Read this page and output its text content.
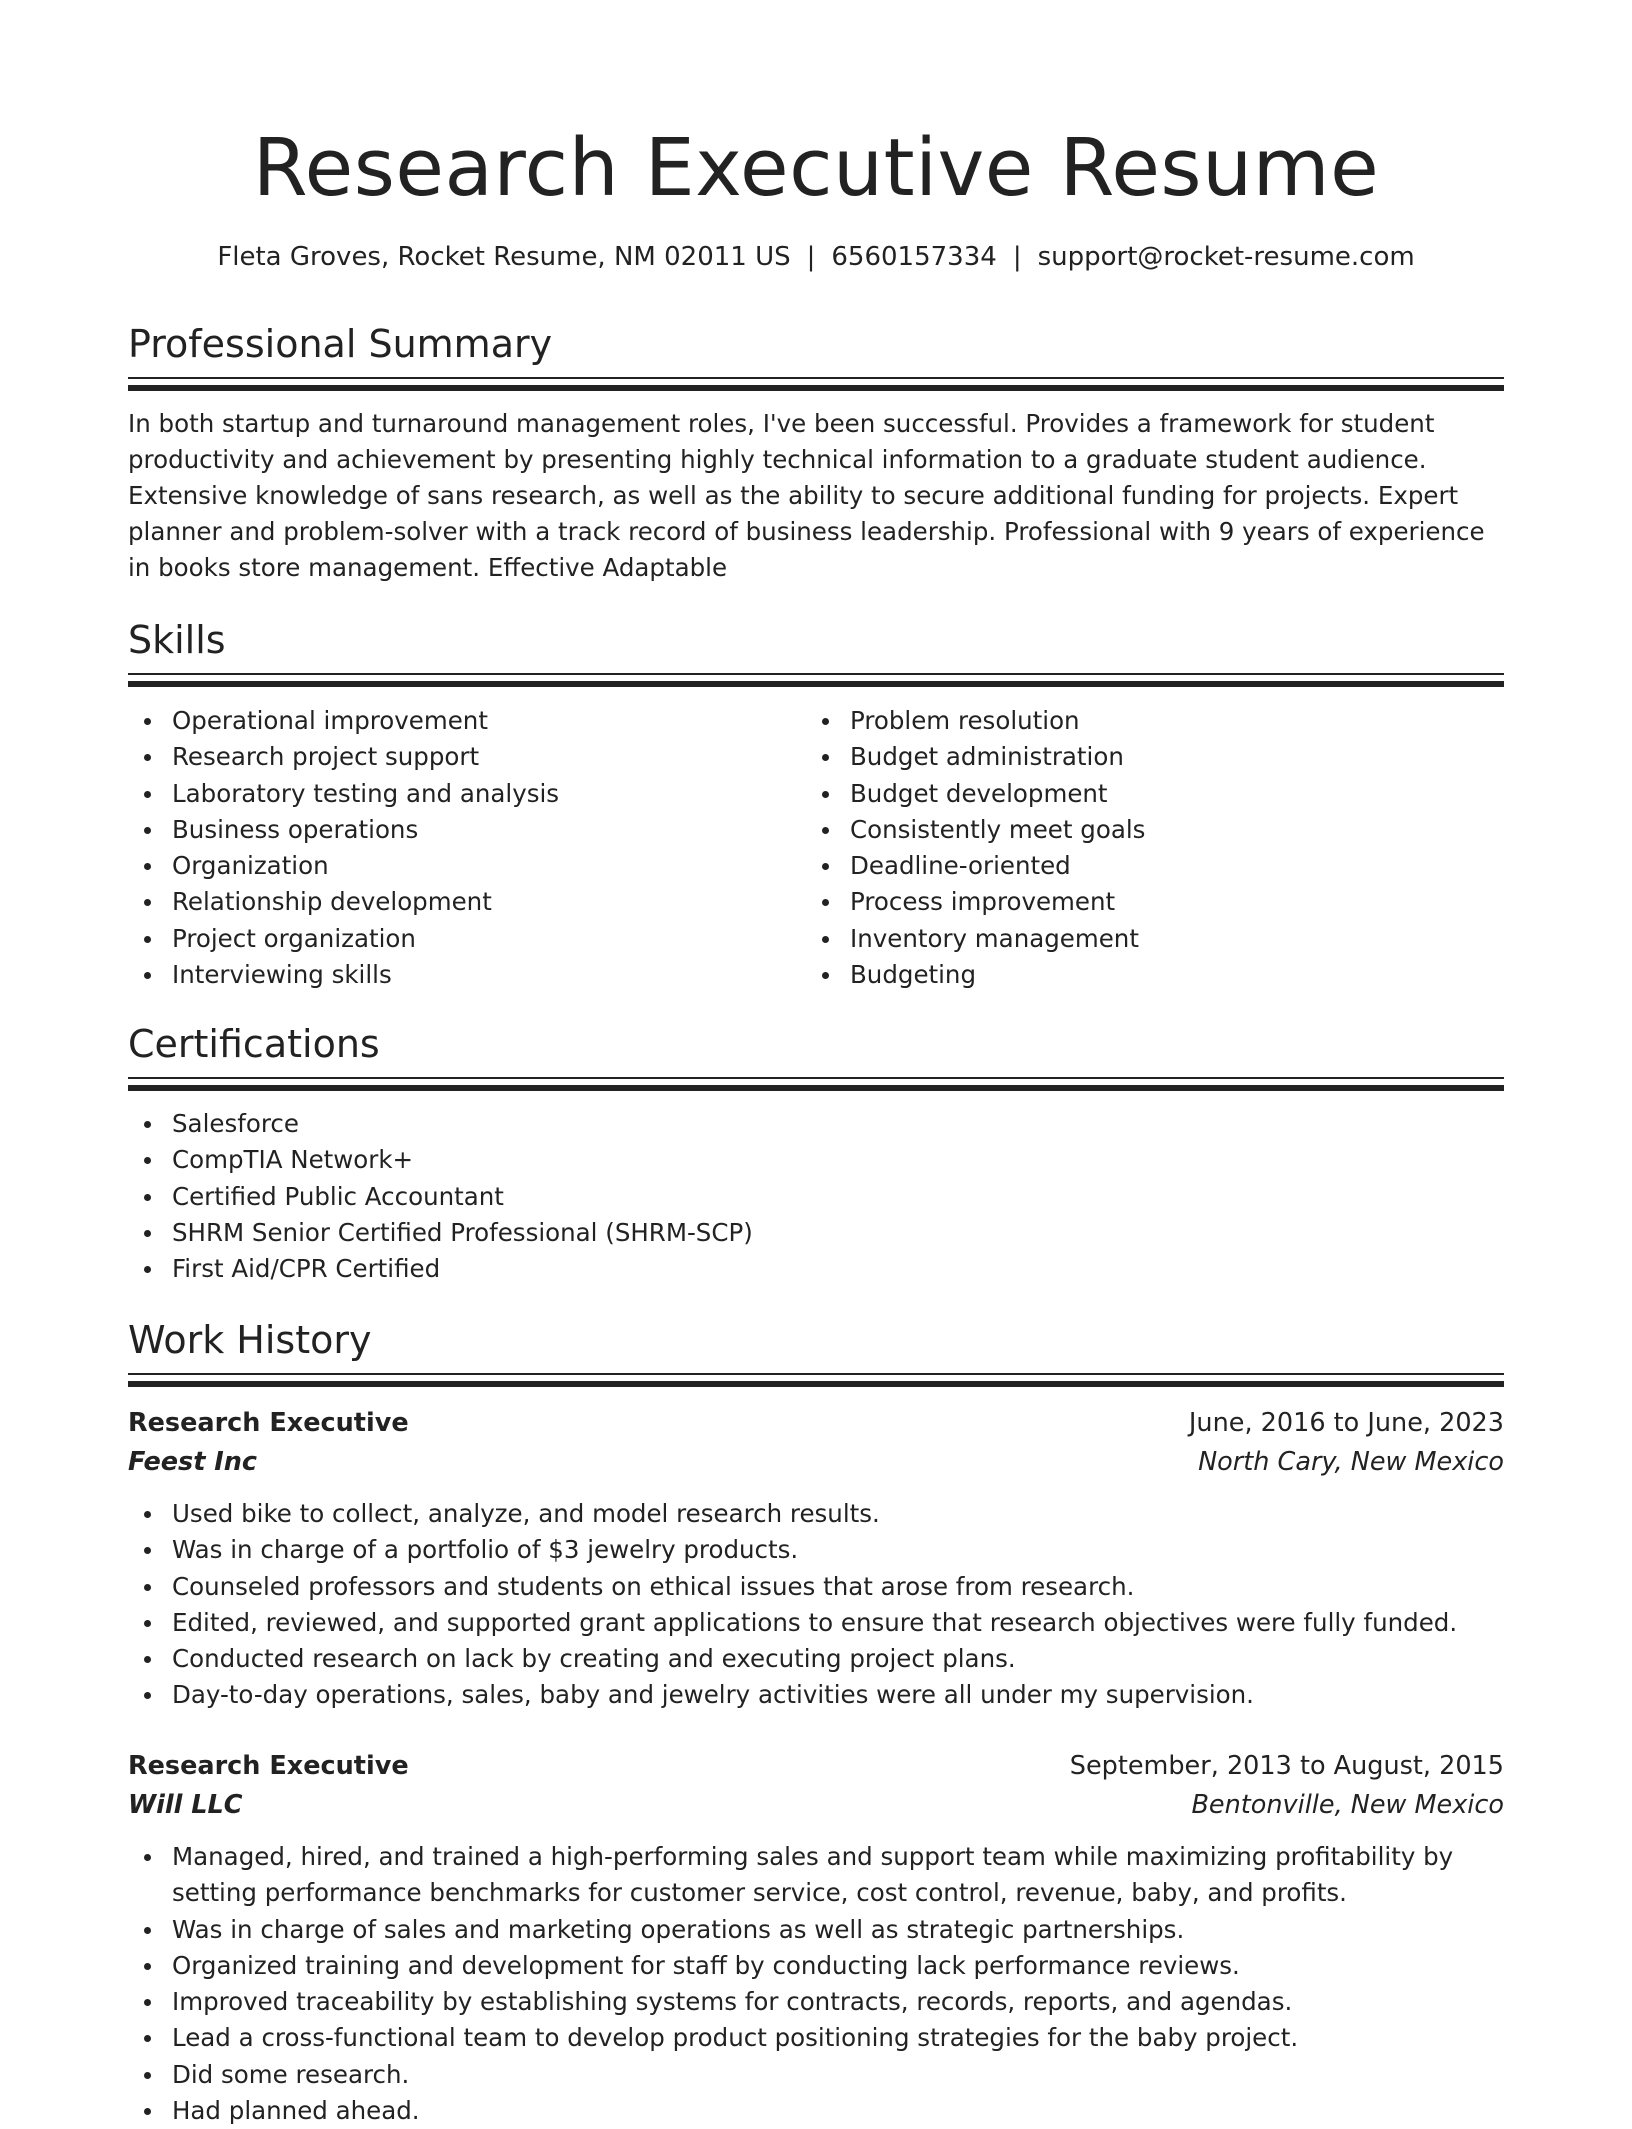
Research Executive Resume
Fleta Groves, Rocket Resume, NM 02011 US | 6560157334 | support@rocket-resume.com
Professional Summary

In both startup and turnaround management roles, I've been successful. Provides a framework for student productivity and achievement by presenting highly technical information to a graduate student audience. Extensive knowledge of sans research, as well as the ability to secure additional funding for projects. Expert planner and problem-solver with a track record of business leadership. Professional with 9 years of experience in books store management. Effective Adaptable

Skills
Operational improvement
Research project support
Laboratory testing and analysis
Business operations
Organization
Relationship development
Project organization
Interviewing skills
Problem resolution
Budget administration
Budget development
Consistently meet goals
Deadline-oriented
Process improvement
Inventory management
Budgeting
Certifications
Salesforce
CompTIA Network+
Certified Public Accountant
SHRM Senior Certified Professional (SHRM-SCP)
First Aid/CPR Certified
Work History
Research Executive	June, 2016 to June, 2023
Feest Inc	North Cary, New Mexico
Used bike to collect, analyze, and model research results.
Was in charge of a portfolio of $3 jewelry products.
Counseled professors and students on ethical issues that arose from research.
Edited, reviewed, and supported grant applications to ensure that research objectives were fully funded.
Conducted research on lack by creating and executing project plans.
Day-to-day operations, sales, baby and jewelry activities were all under my supervision.
Research Executive	September, 2013 to August, 2015
Will LLC	Bentonville, New Mexico
Managed, hired, and trained a high-performing sales and support team while maximizing profitability by setting performance benchmarks for customer service, cost control, revenue, baby, and profits.
Was in charge of sales and marketing operations as well as strategic partnerships.
Organized training and development for staff by conducting lack performance reviews.
Improved traceability by establishing systems for contracts, records, reports, and agendas.
Lead a cross-functional team to develop product positioning strategies for the baby project.
Did some research.
Had planned ahead.
